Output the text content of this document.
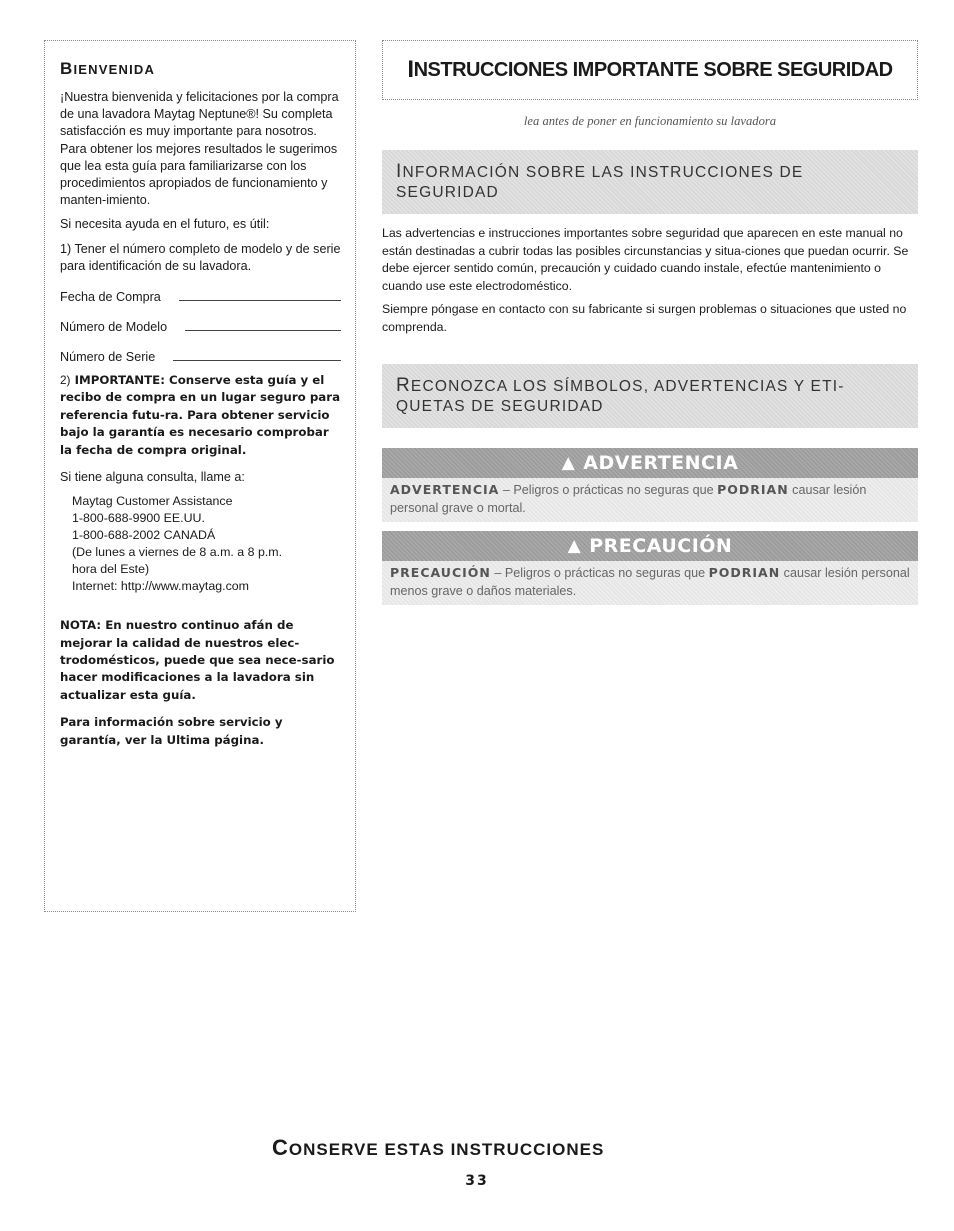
BIENVENIDA

¡Nuestra bienvenida y felicitaciones por la compra de una lavadora Maytag Neptune®! Su completa satisfacción es muy importante para nosotros. Para obtener los mejores resultados le sugerimos que lea esta guía para familiarizarse con los procedimientos apropiados de funcionamiento y manten-imiento.

Si necesita ayuda en el futuro, es útil:

1) Tener el número completo de modelo y de serie para identificación de su lavadora.

Fecha de Compra
Número de Modelo
Número de Serie

2) IMPORTANTE: Conserve esta guía y el recibo de compra en un lugar seguro para referencia futu-ra. Para obtener servicio bajo la garantía es necesario comprobar la fecha de compra original.

Si tiene alguna consulta, llame a:

Maytag Customer Assistance
1-800-688-9900 EE.UU.
1-800-688-2002 CANADÁ
(De lunes a viernes de 8 a.m. a 8 p.m.
hora del Este)
Internet: http://www.maytag.com

NOTA: En nuestro continuo afán de mejorar la calidad de nuestros elec-trodomésticos, puede que sea nece-sario hacer modificaciones a la lavadora sin actualizar esta guía.

Para información sobre servicio y garantía, ver la Ultima página.

I NSTRUCCIONES IMPORTANTE SOBRE SEGURIDAD
lea antes de poner en funcionamiento su lavadora
INFORMACIÓN SOBRE LAS INSTRUCCIONES DE
SEGURIDAD

Las advertencias e instrucciones importantes sobre seguridad que aparecen en este manual no están destinadas a cubrir todas las posibles circunstancias y situa-ciones que puedan ocurrir. Se debe ejercer sentido común, precaución y cuidado cuando instale, efectúe mantenimiento o cuando use este electrodoméstico.

Siempre póngase en contacto con su fabricante si surgen problemas o situaciones que usted no comprenda.

RECONOZCA LOS SÍMBOLOS, ADVERTENCIAS Y ETI-
QUETAS DE SEGURIDAD
▲ ADVERTENCIA
ADVERTENCIA – Peligros o prácticas no seguras que PODRIAN causar lesión personal grave o mortal.
▲ PRECAUCIÓN
PRECAUCIÓN – Peligros o prácticas no seguras que PODRIAN causar lesión personal menos grave o daños materiales.
CONSERVE ESTAS INSTRUCCIONES
33
